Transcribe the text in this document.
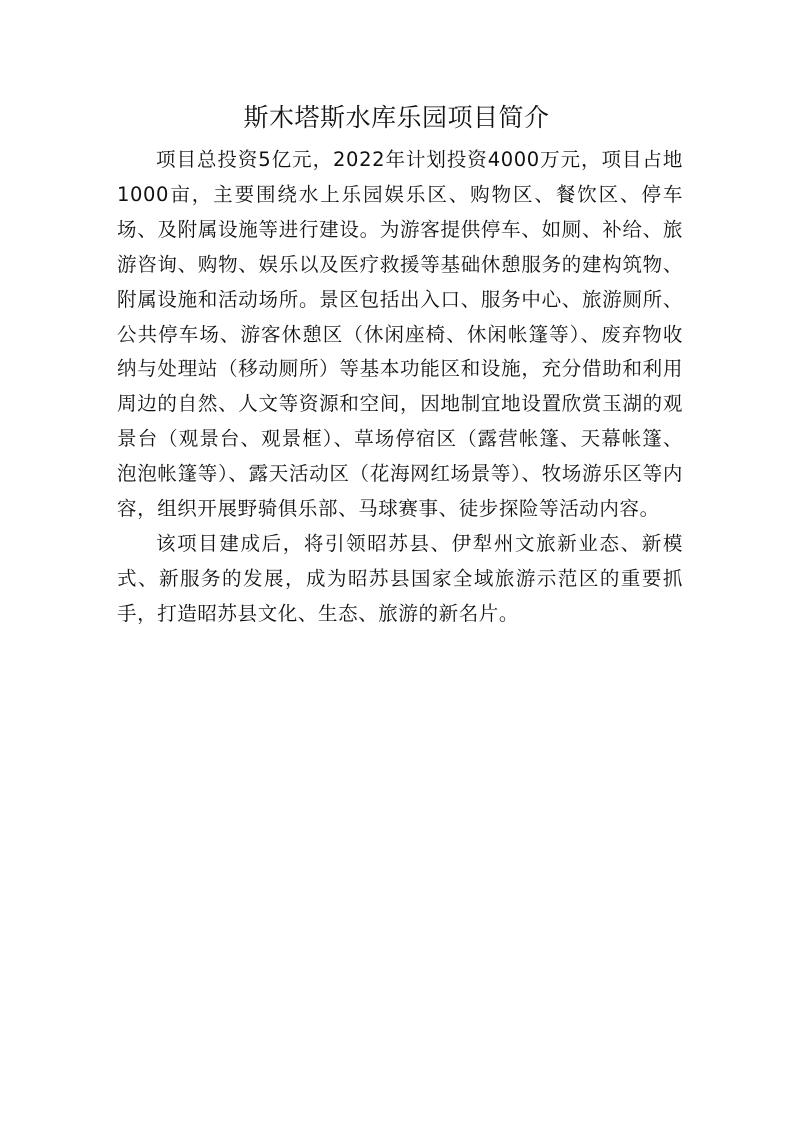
斯木塔斯水库乐园项目简介

项目总投资5亿元，2022年计划投资4000万元，项目占地1000亩，主要围绕水上乐园娱乐区、购物区、餐饮区、停车场、及附属设施等进行建设。为游客提供停车、如厕、补给、旅游咨询、购物、娱乐以及医疗救援等基础休憩服务的建构筑物、附属设施和活动场所。景区包括出入口、服务中心、旅游厕所、公共停车场、游客休憩区（休闲座椅、休闲帐篷等）、废弃物收纳与处理站（移动厕所）等基本功能区和设施，充分借助和利用周边的自然、人文等资源和空间，因地制宜地设置欣赏玉湖的观景台（观景台、观景框）、草场停宿区（露营帐篷、天幕帐篷、泡泡帐篷等）、露天活动区（花海网红场景等）、牧场游乐区等内容，组织开展野骑俱乐部、马球赛事、徒步探险等活动内容。

该项目建成后，将引领昭苏县、伊犁州文旅新业态、新模式、新服务的发展，成为昭苏县国家全域旅游示范区的重要抓手，打造昭苏县文化、生态、旅游的新名片。
